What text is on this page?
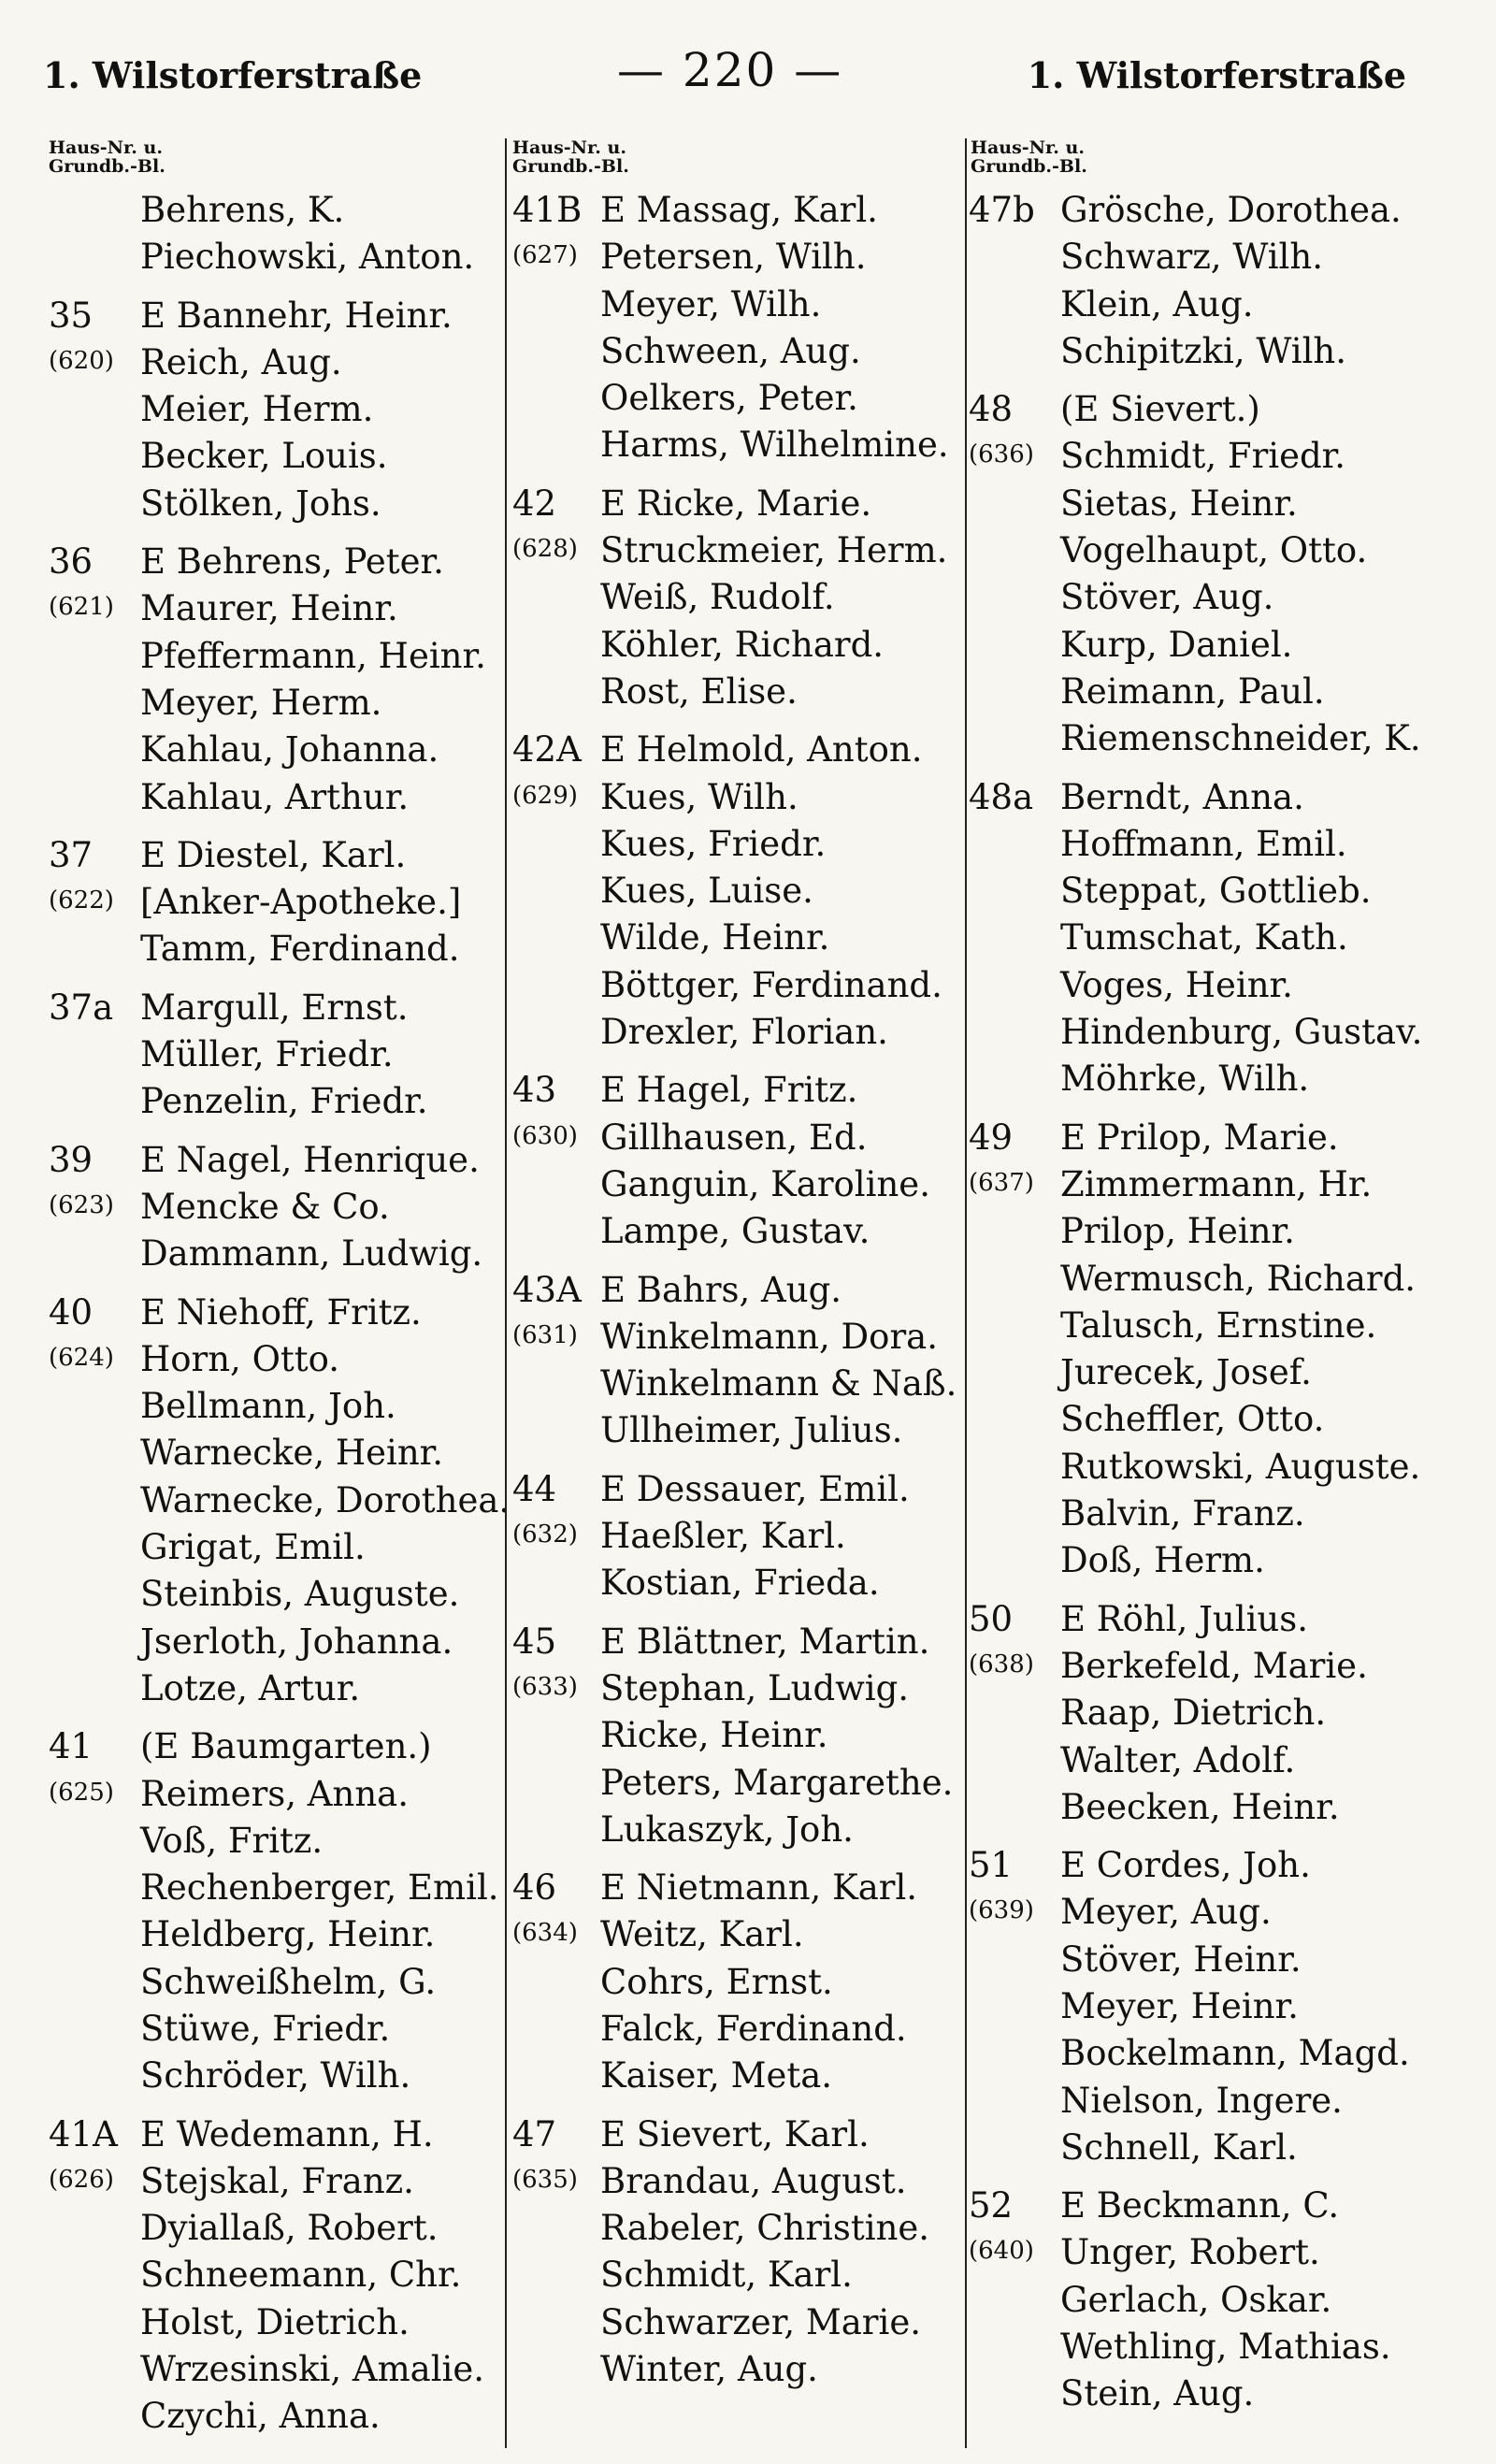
1. Wilstorferstraße	— 220 —	1. Wilstorferstraße
Haus-Nr. u.
Grundb.-Bl.
Behrens, K.
Piechowski, Anton.
35 E Bannehr, Heinr.
(620) Reich, Aug.
Meier, Herm.
Becker, Louis.
Stölken, Johs.
36 E Behrens, Peter.
(621) Maurer, Heinr.
Pfeffermann, Heinr.
Meyer, Herm.
Kahlau, Johanna.
Kahlau, Arthur.
37 E Diestel, Karl.
(622) [Anker-Apotheke.]
Tamm, Ferdinand.
37a Margull, Ernst.
Müller, Friedr.
Penzelin, Friedr.
39 E Nagel, Henrique.
(623) Mencke & Co.
Dammann, Ludwig.
40 E Niehoff, Fritz.
(624) Horn, Otto.
Bellmann, Joh.
Warnecke, Heinr.
Warnecke, Dorothea.
Grigat, Emil.
Steinbis, Auguste.
Jserloth, Johanna.
Lotze, Artur.
41 (E Baumgarten.)
(625) Reimers, Anna.
Voß, Fritz.
Rechenberger, Emil.
Heldberg, Heinr.
Schweißhelm, G.
Stüwe, Friedr.
Schröder, Wilh.
41A E Wedemann, H.
(626) Stejskal, Franz.
Dyiallaß, Robert.
Schneemann, Chr.
Holst, Dietrich.
Wrzesinski, Amalie.
Czychi, Anna.
Haus-Nr. u.
Grundb.-Bl.
41B E Massag, Karl.
(627) Petersen, Wilh.
Meyer, Wilh.
Schween, Aug.
Oelkers, Peter.
Harms, Wilhelmine.
42 E Ricke, Marie.
(628) Struckmeier, Herm.
Weiß, Rudolf.
Köhler, Richard.
Rost, Elise.
42A E Helmold, Anton.
(629) Kues, Wilh.
Kues, Friedr.
Kues, Luise.
Wilde, Heinr.
Böttger, Ferdinand.
Drexler, Florian.
43 E Hagel, Fritz.
(630) Gillhausen, Ed.
Ganguin, Karoline.
Lampe, Gustav.
43A E Bahrs, Aug.
(631) Winkelmann, Dora.
Winkelmann & Naß.
Ullheimer, Julius.
44 E Dessauer, Emil.
(632) Haeßler, Karl.
Kostian, Frieda.
45 E Blättner, Martin.
(633) Stephan, Ludwig.
Ricke, Heinr.
Peters, Margarethe.
Lukaszyk, Joh.
46 E Nietmann, Karl.
(634) Weitz, Karl.
Cohrs, Ernst.
Falck, Ferdinand.
Kaiser, Meta.
47 E Sievert, Karl.
(635) Brandau, August.
Rabeler, Christine.
Schmidt, Karl.
Schwarzer, Marie.
Winter, Aug.
Haus-Nr. u.
Grundb.-Bl.
47b Grösche, Dorothea.
Schwarz, Wilh.
Klein, Aug.
Schipitzki, Wilh.
48 (E Sievert.)
(636) Schmidt, Friedr.
Sietas, Heinr.
Vogelhaupt, Otto.
Stöver, Aug.
Kurp, Daniel.
Reimann, Paul.
Riemenschneider, K.
48a Berndt, Anna.
Hoffmann, Emil.
Steppat, Gottlieb.
Tumschat, Kath.
Voges, Heinr.
Hindenburg, Gustav.
Möhrke, Wilh.
49 E Prilop, Marie.
(637) Zimmermann, Hr.
Prilop, Heinr.
Wermusch, Richard.
Talusch, Ernstine.
Jurecek, Josef.
Scheffler, Otto.
Rutkowski, Auguste.
Balvin, Franz.
Doß, Herm.
50 E Röhl, Julius.
(638) Berkefeld, Marie.
Raap, Dietrich.
Walter, Adolf.
Beecken, Heinr.
51 E Cordes, Joh.
(639) Meyer, Aug.
Stöver, Heinr.
Meyer, Heinr.
Bockelmann, Magd.
Nielson, Ingere.
Schnell, Karl.
52 E Beckmann, C.
(640) Unger, Robert.
Gerlach, Oskar.
Wethling, Mathias.
Stein, Aug.
